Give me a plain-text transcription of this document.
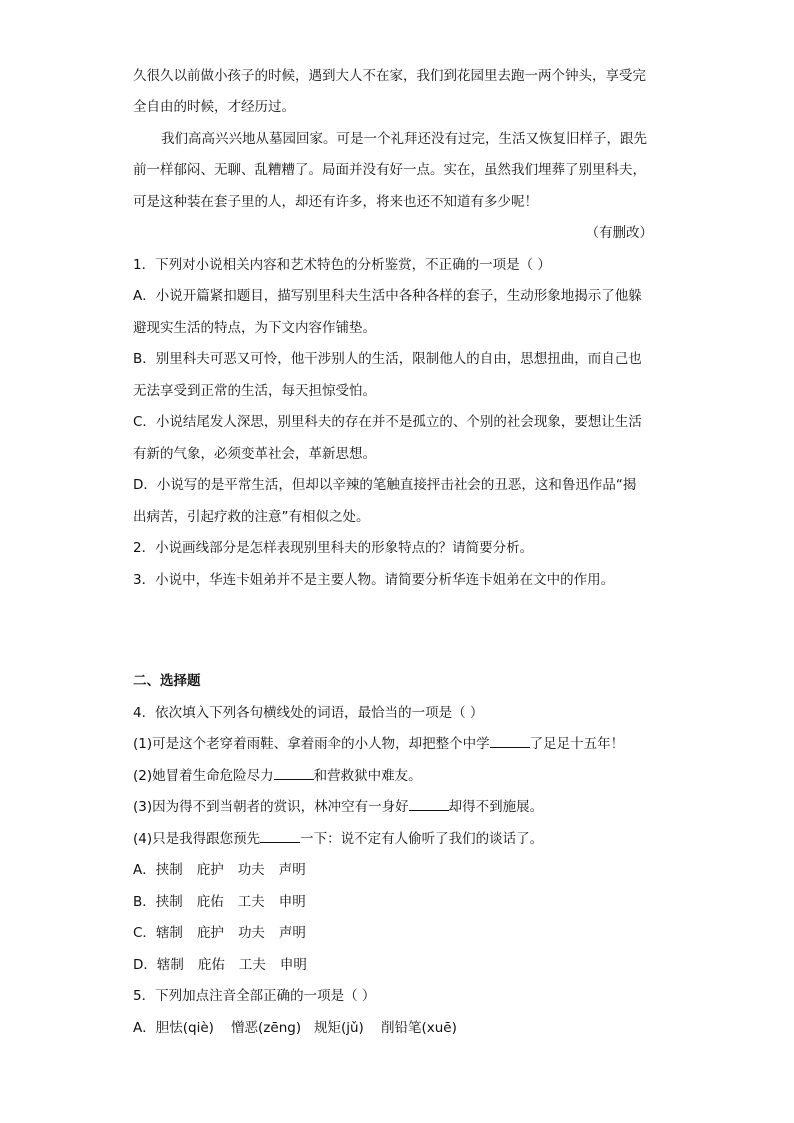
久很久以前做小孩子的时候，遇到大人不在家，我们到花园里去跑一两个钟头，享受完
全自由的时候，才经历过。
我们高高兴兴地从墓园回家。可是一个礼拜还没有过完，生活又恢复旧样子，跟先
前一样郁闷、无聊、乱糟糟了。局面并没有好一点。实在，虽然我们埋葬了别里科夫，
可是这种装在套子里的人，却还有许多，将来也还不知道有多少呢！
（有删改）
1．下列对小说相关内容和艺术特色的分析鉴赏，不正确的一项是（ ）
A．小说开篇紧扣题目，描写别里科夫生活中各种各样的套子，生动形象地揭示了他躲
避现实生活的特点，为下文内容作铺垫。
B．别里科夫可恶又可怜，他干涉别人的生活，限制他人的自由，思想扭曲，而自己也
无法享受到正常的生活，每天担惊受怕。
C．小说结尾发人深思，别里科夫的存在并不是孤立的、个别的社会现象，要想让生活
有新的气象，必须变革社会，革新思想。
D．小说写的是平常生活，但却以辛辣的笔触直接抨击社会的丑恶，这和鲁迅作品“揭
出病苦，引起疗救的注意”有相似之处。
2．小说画线部分是怎样表现别里科夫的形象特点的？请简要分析。
3．小说中，华连卡姐弟并不是主要人物。请简要分析华连卡姐弟在文中的作用。
二、选择题
4．依次填入下列各句横线处的词语，最恰当的一项是（ ）
(1)可是这个老穿着雨鞋、拿着雨伞的小人物，却把整个中学	了足足十五年！
(2)她冒着生命危险尽力	和营救狱中难友。
(3)因为得不到当朝者的赏识，林冲空有一身好	却得不到施展。
(4)只是我得跟您预先	一下：说不定有人偷听了我们的谈话了。
A．挟制 庇护 功夫 声明
B．挟制 庇佑 工夫 申明
C．辖制 庇护 功夫 声明
D．辖制 庇佑 工夫 申明
5．下列加点注音全部正确的一项是（ ）
A．胆怯(qiè)    憎恶(zēng)   规矩(jǔ)    削铅笔(xuē)
